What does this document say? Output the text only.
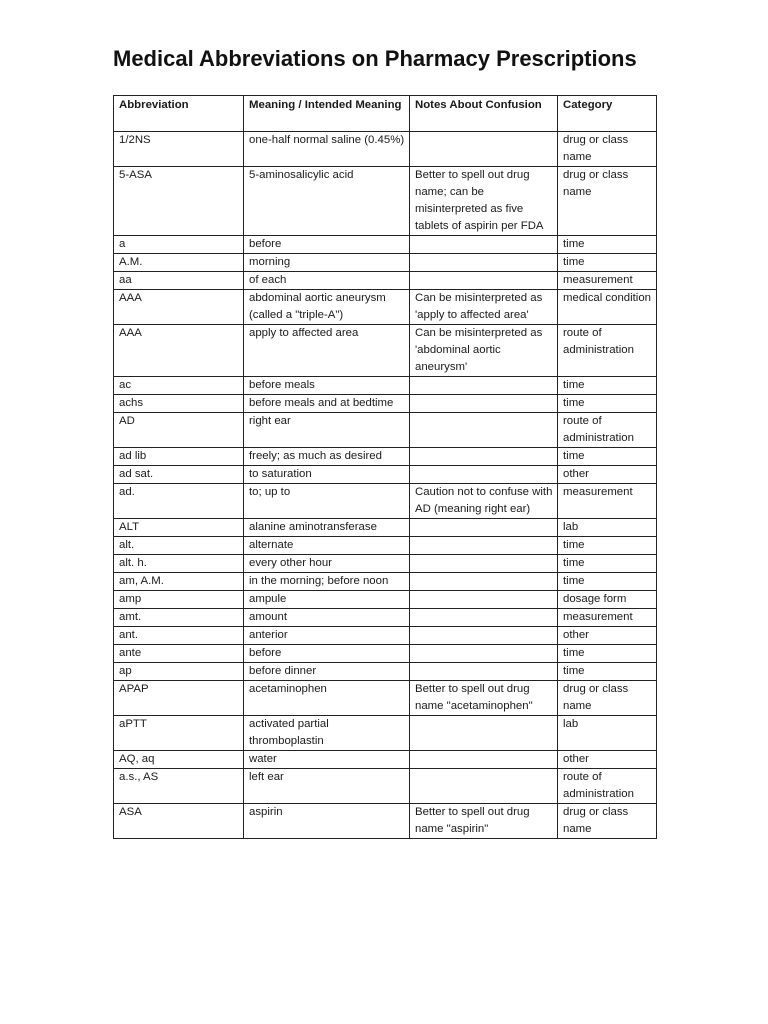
Medical Abbreviations on Pharmacy Prescriptions
Abbreviation	Meaning / Intended Meaning	Notes About Confusion	Category
1/2NS	one-half normal saline (0.45%)		drug or class name
5-ASA	5-aminosalicylic acid	Better to spell out drug name; can be misinterpreted as five tablets of aspirin per FDA	drug or class name
a	before		time
A.M.	morning		time
aa	of each		measurement
AAA	abdominal aortic aneurysm (called a "triple-A")	Can be misinterpreted as 'apply to affected area'	medical condition
AAA	apply to affected area	Can be misinterpreted as 'abdominal aortic aneurysm'	route of administration
ac	before meals		time
achs	before meals and at bedtime		time
AD	right ear		route of administration
ad lib	freely; as much as desired		time
ad sat.	to saturation		other
ad.	to; up to	Caution not to confuse with AD (meaning right ear)	measurement
ALT	alanine aminotransferase		lab
alt.	alternate		time
alt. h.	every other hour		time
am, A.M.	in the morning; before noon		time
amp	ampule		dosage form
amt.	amount		measurement
ant.	anterior		other
ante	before		time
ap	before dinner		time
APAP	acetaminophen	Better to spell out drug name "acetaminophen"	drug or class name
aPTT	activated partial thromboplastin		lab
AQ, aq	water		other
a.s., AS	left ear		route of administration
ASA	aspirin	Better to spell out drug name "aspirin"	drug or class name
